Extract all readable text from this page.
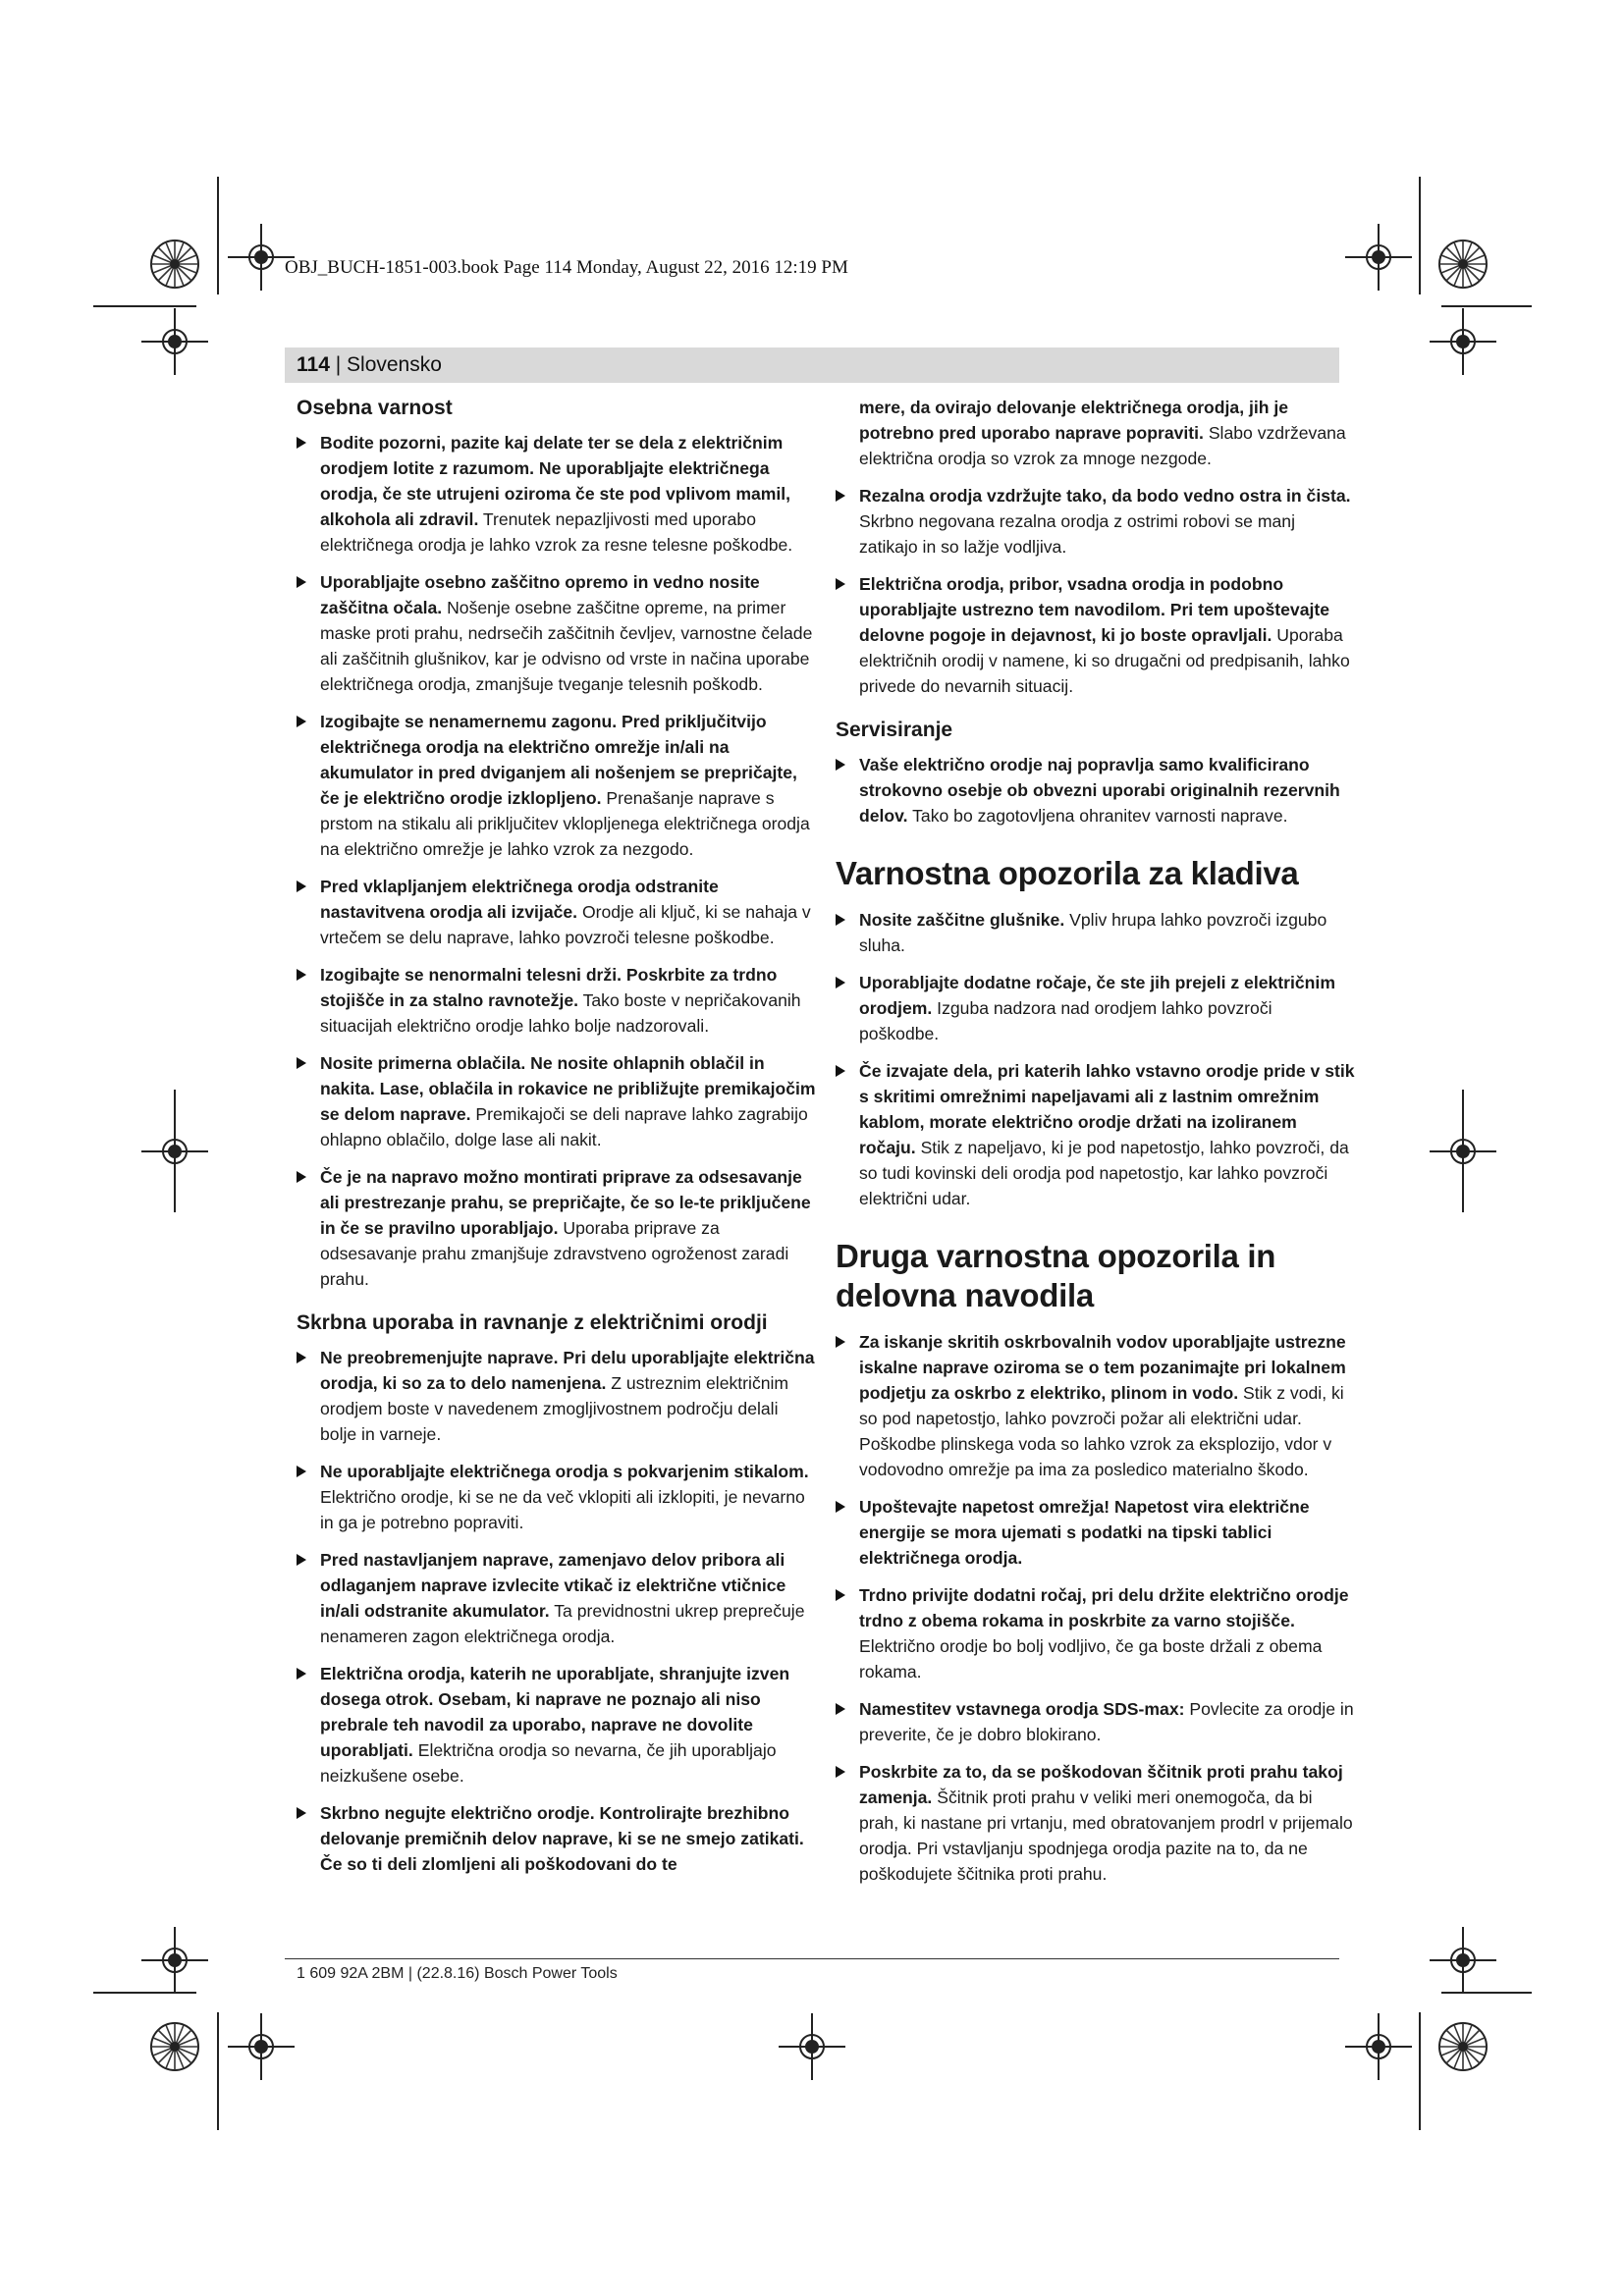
OBJ_BUCH-1851-003.book Page 114 Monday, August 22, 2016 12:19 PM
114 | Slovensko
Osebna varnost
Bodite pozorni, pazite kaj delate ter se dela z električnim orodjem lotite z razumom. Ne uporabljajte električnega orodja, če ste utrujeni oziroma če ste pod vplivom mamil, alkohola ali zdravil. Trenutek nepazljivosti med uporabo električnega orodja je lahko vzrok za resne telesne poškodbe.
Uporabljajte osebno zaščitno opremo in vedno nosite zaščitna očala. Nošenje osebne zaščitne opreme, na primer maske proti prahu, nedrsečih zaščitnih čevljev, varnostne čelade ali zaščitnih glušnikov, kar je odvisno od vrste in načina uporabe električnega orodja, zmanjšuje tveganje telesnih poškodb.
Izogibajte se nenamernemu zagonu. Pred priključitvijo električnega orodja na električno omrežje in/ali na akumulator in pred dviganjem ali nošenjem se prepričajte, če je električno orodje izklopljeno. Prenašanje naprave s prstom na stikalu ali priključitev vklopljenega električnega orodja na električno omrežje je lahko vzrok za nezgodo.
Pred vklapljanjem električnega orodja odstranite nastavitvena orodja ali izvijače. Orodje ali ključ, ki se nahaja v vrtečem se delu naprave, lahko povzroči telesne poškodbe.
Izogibajte se nenormalni telesni drži. Poskrbite za trdno stojišče in za stalno ravnotežje. Tako boste v nepričakovanih situacijah električno orodje lahko bolje nadzorovali.
Nosite primerna oblačila. Ne nosite ohlapnih oblačil in nakita. Lase, oblačila in rokavice ne približujte premikajočim se delom naprave. Premikajoči se deli naprave lahko zagrabijo ohlapno oblačilo, dolge lase ali nakit.
Če je na napravo možno montirati priprave za odsesavanje ali prestrezanje prahu, se prepričajte, če so le-te priključene in če se pravilno uporabljajo. Uporaba priprave za odsesavanje prahu zmanjšuje zdravstveno ogroženost zaradi prahu.
Skrbna uporaba in ravnanje z električnimi orodji
Ne preobremenjujte naprave. Pri delu uporabljajte električna orodja, ki so za to delo namenjena. Z ustreznim električnim orodjem boste v navedenem zmogljivostnem področju delali bolje in varneje.
Ne uporabljajte električnega orodja s pokvarjenim stikalom. Električno orodje, ki se ne da več vklopiti ali izklopiti, je nevarno in ga je potrebno popraviti.
Pred nastavljanjem naprave, zamenjavo delov pribora ali odlaganjem naprave izvlecite vtikač iz električne vtičnice in/ali odstranite akumulator. Ta previdnostni ukrep preprečuje nenameren zagon električnega orodja.
Električna orodja, katerih ne uporabljate, shranjujte izven dosega otrok. Osebam, ki naprave ne poznajo ali niso prebrale teh navodil za uporabo, naprave ne dovolite uporabljati. Električna orodja so nevarna, če jih uporabljajo neizkušene osebe.
Skrbno negujte električno orodje. Kontrolirajte brezhibno delovanje premičnih delov naprave, ki se ne smejo zatikati. Če so ti deli zlomljeni ali poškodovani do te
mere, da ovirajo delovanje električnega orodja, jih je potrebno pred uporabo naprave popraviti. Slabo vzdrževana električna orodja so vzrok za mnoge nezgode.
Rezalna orodja vzdržujte tako, da bodo vedno ostra in čista. Skrbno negovana rezalna orodja z ostrimi robovi se manj zatikajo in so lažje vodljiva.
Električna orodja, pribor, vsadna orodja in podobno uporabljajte ustrezno tem navodilom. Pri tem upoštevajte delovne pogoje in dejavnost, ki jo boste opravljali. Uporaba električnih orodij v namene, ki so drugačni od predpisanih, lahko privede do nevarnih situacij.
Servisiranje
Vaše električno orodje naj popravlja samo kvalificirano strokovno osebje ob obvezni uporabi originalnih rezervnih delov. Tako bo zagotovljena ohranitev varnosti naprave.
Varnostna opozorila za kladiva
Nosite zaščitne glušnike. Vpliv hrupa lahko povzroči izgubo sluha.
Uporabljajte dodatne ročaje, če ste jih prejeli z električnim orodjem. Izguba nadzora nad orodjem lahko povzroči poškodbe.
Če izvajate dela, pri katerih lahko vstavno orodje pride v stik s skritimi omrežnimi napeljavami ali z lastnim omrežnim kablom, morate električno orodje držati na izoliranem ročaju. Stik z napeljavo, ki je pod napetostjo, lahko povzroči, da so tudi kovinski deli orodja pod napetostjo, kar lahko povzroči električni udar.
Druga varnostna opozorila in delovna navodila
Za iskanje skritih oskrbovalnih vodov uporabljajte ustrezne iskalne naprave oziroma se o tem pozanimajte pri lokalnem podjetju za oskrbo z elektriko, plinom in vodo. Stik z vodi, ki so pod napetostjo, lahko povzroči požar ali električni udar. Poškodbe plinskega voda so lahko vzrok za eksplozijo, vdor v vodovodno omrežje pa ima za posledico materialno škodo.
Upoštevajte napetost omrežja! Napetost vira električne energije se mora ujemati s podatki na tipski tablici električnega orodja.
Trdno privijte dodatni ročaj, pri delu držite električno orodje trdno z obema rokama in poskrbite za varno stojišče. Električno orodje bo bolj vodljivo, če ga boste držali z obema rokama.
Namestitev vstavnega orodja SDS-max: Povlecite za orodje in preverite, če je dobro blokirano.
Poskrbite za to, da se poškodovan ščitnik proti prahu takoj zamenja. Ščitnik proti prahu v veliki meri onemogoča, da bi prah, ki nastane pri vrtanju, med obratovanjem prodrl v prijemalo orodja. Pri vstavljanju spodnjega orodja pazite na to, da ne poškodujete ščitnika proti prahu.
1 609 92A 2BM | (22.8.16) Bosch Power Tools
